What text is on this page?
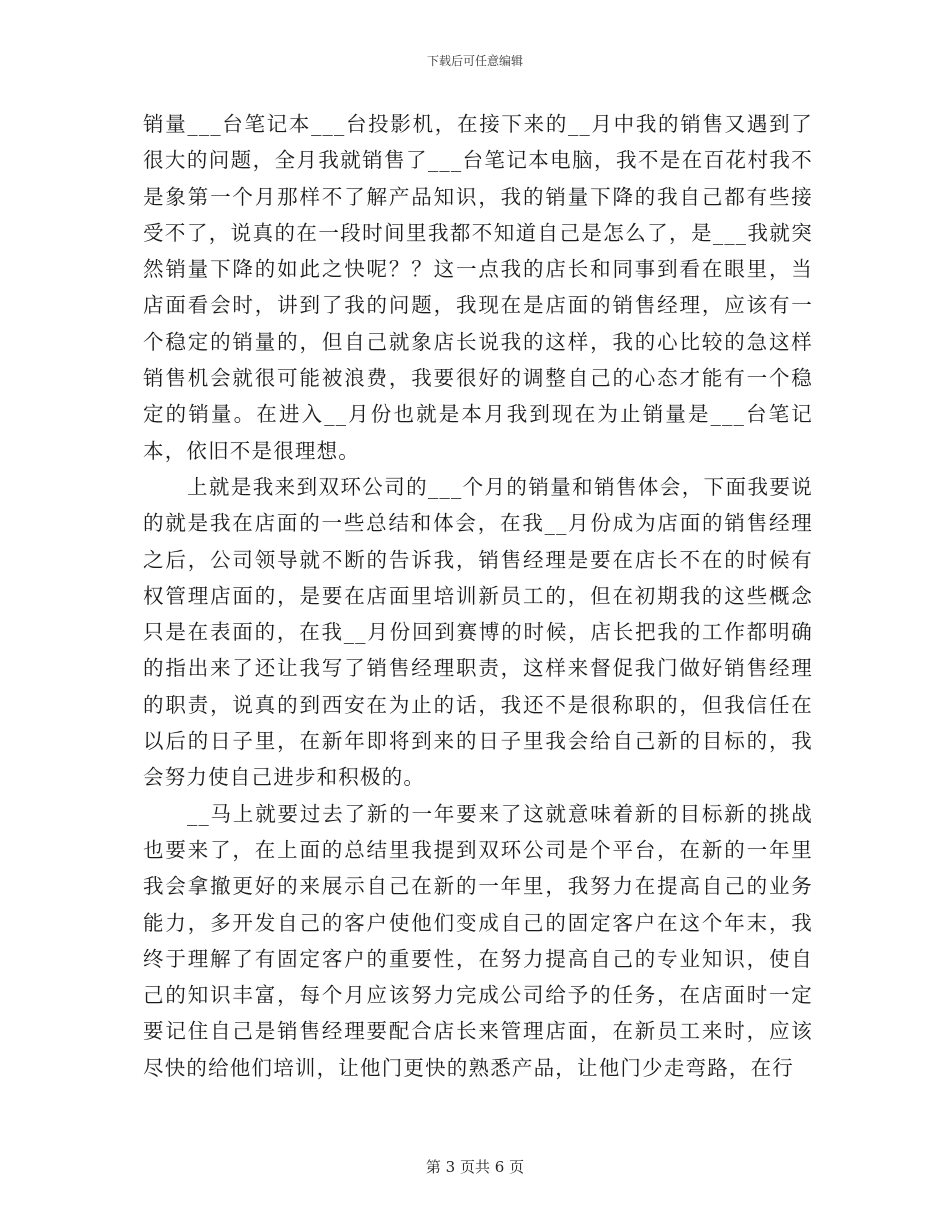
下载后可任意编辑

销量___台笔记本___台投影机，在接下来的__月中我的销售又遇到了很大的问题，全月我就销售了___台笔记本电脑，我不是在百花村我不是象第一个月那样不了解产品知识，我的销量下降的我自己都有些接受不了，说真的在一段时间里我都不知道自己是怎么了，是___我就突然销量下降的如此之快呢？？这一点我的店长和同事到看在眼里，当店面看会时，讲到了我的问题，我现在是店面的销售经理，应该有一个稳定的销量的，但自己就象店长说我的这样，我的心比较的急这样销售机会就很可能被浪费，我要很好的调整自己的心态才能有一个稳定的销量。在进入__月份也就是本月我到现在为止销量是___台笔记本，依旧不是很理想。

上就是我来到双环公司的___个月的销量和销售体会，下面我要说的就是我在店面的一些总结和体会，在我__月份成为店面的销售经理之后，公司领导就不断的告诉我，销售经理是要在店长不在的时候有权管理店面的，是要在店面里培训新员工的，但在初期我的这些概念只是在表面的，在我__月份回到赛博的时候，店长把我的工作都明确的指出来了还让我写了销售经理职责，这样来督促我门做好销售经理的职责，说真的到西安在为止的话，我还不是很称职的，但我信任在以后的日子里，在新年即将到来的日子里我会给自己新的目标的，我会努力使自己进步和积极的。

__马上就要过去了新的一年要来了这就意味着新的目标新的挑战也要来了，在上面的总结里我提到双环公司是个平台，在新的一年里我会拿撤更好的来展示自己在新的一年里，我努力在提高自己的业务能力，多开发自己的客户使他们变成自己的固定客户在这个年末，我终于理解了有固定客户的重要性，在努力提高自己的专业知识，使自己的知识丰富，每个月应该努力完成公司给予的任务，在店面时一定要记住自己是销售经理要配合店长来管理店面，在新员工来时，应该尽快的给他们培训，让他门更快的熟悉产品，让他门少走弯路，在行

第 3 页共 6 页
